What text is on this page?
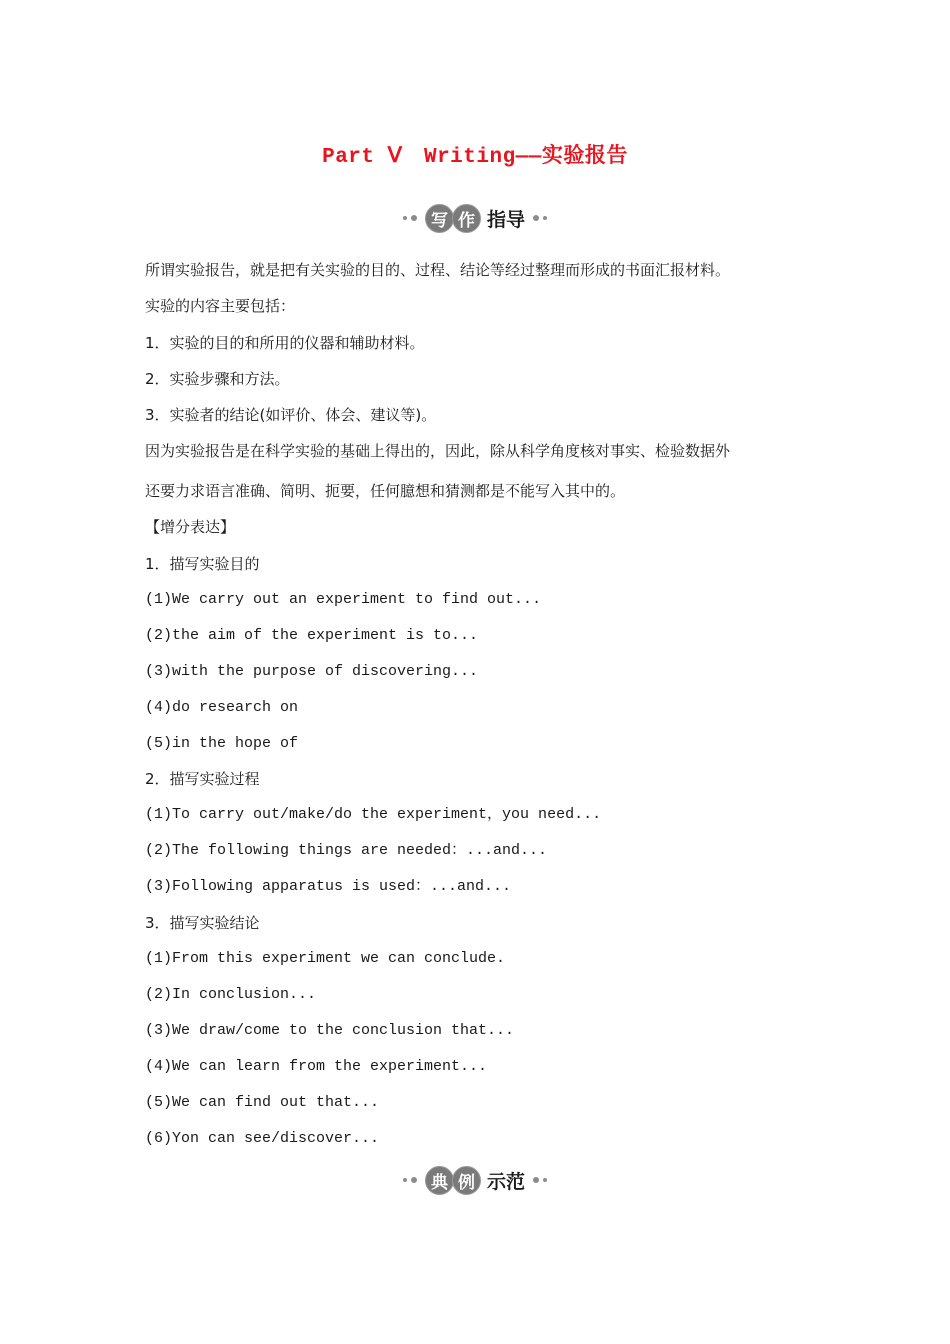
Part Ⅴ　Writing——实验报告
写 作 指导
所谓实验报告，就是把有关实验的目的、过程、结论等经过整理而形成的书面汇报材料。
实验的内容主要包括：
1．实验的目的和所用的仪器和辅助材料。
2．实验步骤和方法。
3．实验者的结论(如评价、体会、建议等)。
因为实验报告是在科学实验的基础上得出的，因此，除从科学角度核对事实、检验数据外
还要力求语言准确、简明、扼要，任何臆想和猜测都是不能写入其中的。
【增分表达】
1．描写实验目的
(1)We carry out an experiment to find out...
(2)the aim of the experiment is to...
(3)with the purpose of discovering...
(4)do research on
(5)in the hope of
2．描写实验过程
(1)To carry out/make/do the experiment，you need...
(2)The following things are needed：...and...
(3)Following apparatus is used：...and...
3．描写实验结论
(1)From this experiment we can conclude.
(2)In conclusion...
(3)We draw/come to the conclusion that...
(4)We can learn from the experiment...
(5)We can find out that...
(6)Yon can see/discover...
典 例 示范
